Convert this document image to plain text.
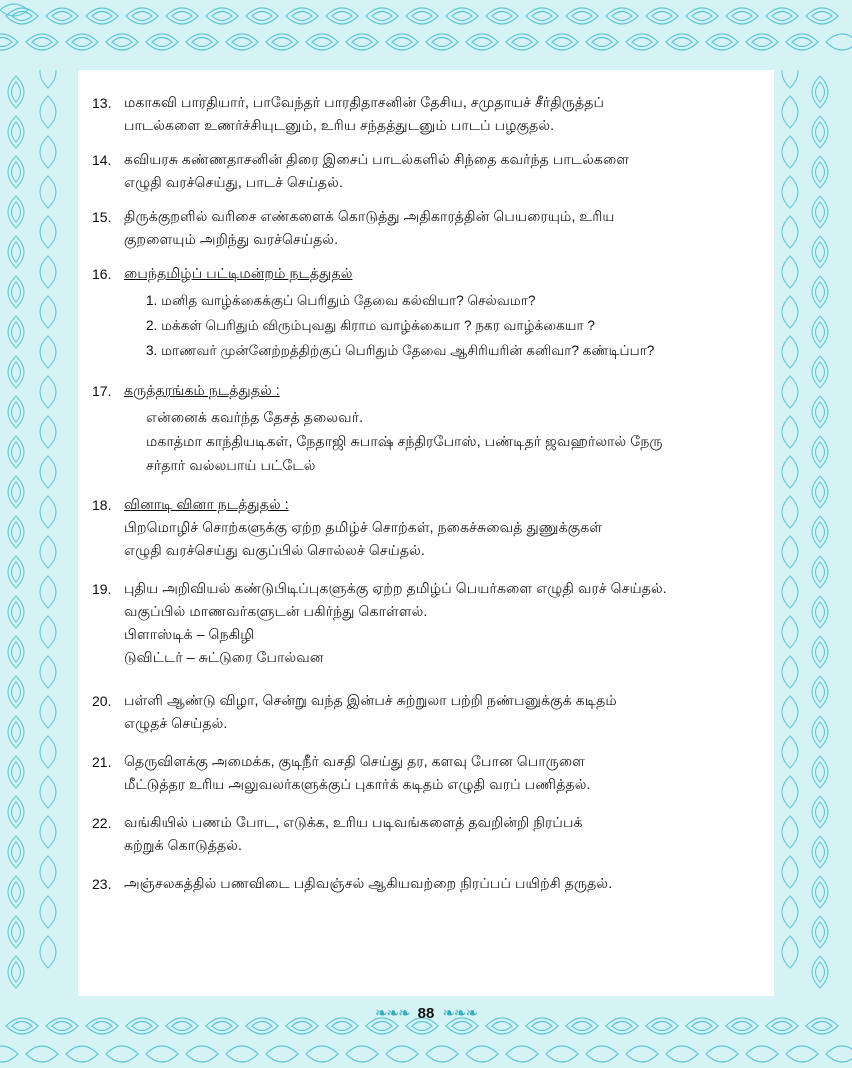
13. மகாகவி பாரதியார், பாவேந்தர் பாரதிதாசனின் தேசிய, சமுதாயச் சீர்திருத்தப்
பாடல்களை உணர்ச்சியுடனும், உரிய சந்தத்துடனும் பாடப் பழகுதல்.
14. கவியரசு கண்ணதாசனின் திரை இசைப் பாடல்களில் சிந்தை கவர்ந்த பாடல்களை
எழுதி வரச்செய்து, பாடச் செய்தல்.
15. திருக்குறளில் வரிசை எண்களைக் கொடுத்து அதிகாரத்தின் பெயரையும், உரிய
குறளையும் அறிந்து வரச்செய்தல்.
16. பைந்தமிழ்ப் பட்டிமன்றம் நடத்துதல்
1. மனித வாழ்க்கைக்குப் பெரிதும் தேவை கல்வியா? செல்வமா?
2. மக்கள் பெரிதும் விரும்புவது கிராம வாழ்க்கையா ? நகர வாழ்க்கையா ?
3. மாணவர் முன்னேற்றத்திற்குப் பெரிதும் தேவை ஆசிரியரின் கனிவா? கண்டிப்பா?
17. கருத்தரங்கம் நடத்துதல் :
என்னைக் கவர்ந்த தேசத் தலைவர்.
மகாத்மா காந்தியடிகள், நேதாஜி சுபாஷ் சந்திரபோஸ், பண்டிதர் ஜவஹர்லால் நேரு
சர்தார் வல்லபாய் பட்டேல்
18. வினாடி வினா நடத்துதல் :
பிறமொழிச் சொற்களுக்கு ஏற்ற தமிழ்ச் சொற்கள், நகைச்சுவைத் துணுக்குகள்
எழுதி வரச்செய்து வகுப்பில் சொல்லச் செய்தல்.
19. புதிய அறிவியல் கண்டுபிடிப்புகளுக்கு ஏற்ற தமிழ்ப் பெயர்களை எழுதி வரச் செய்தல்.
வகுப்பில் மாணவர்களுடன் பகிர்ந்து கொள்ளல்.
பிளாஸ்டிக் – நெகிழி
டுவிட்டர் – சுட்டுரை போல்வன
20. பள்ளி ஆண்டு விழா, சென்று வந்த இன்பச் சுற்றுலா பற்றி நண்பனுக்குக் கடிதம்
எழுதச் செய்தல்.
21. தெருவிளக்கு அமைக்க, குடிநீர் வசதி செய்து தர, களவு போன பொருளை
மீட்டுத்தர உரிய அலுவலர்களுக்குப் புகார்க் கடிதம் எழுதி வரப் பணித்தல்.
22. வங்கியில் பணம் போட, எடுக்க, உரிய படிவங்களைத் தவறின்றி நிரப்பக்
கற்றுக் கொடுத்தல்.
23. அஞ்சலகத்தில் பணவிடை பதிவஞ்சல் ஆகியவற்றை நிரப்பப் பயிற்சி தருதல்.
❧❧❧ 88 ❧❧❧
